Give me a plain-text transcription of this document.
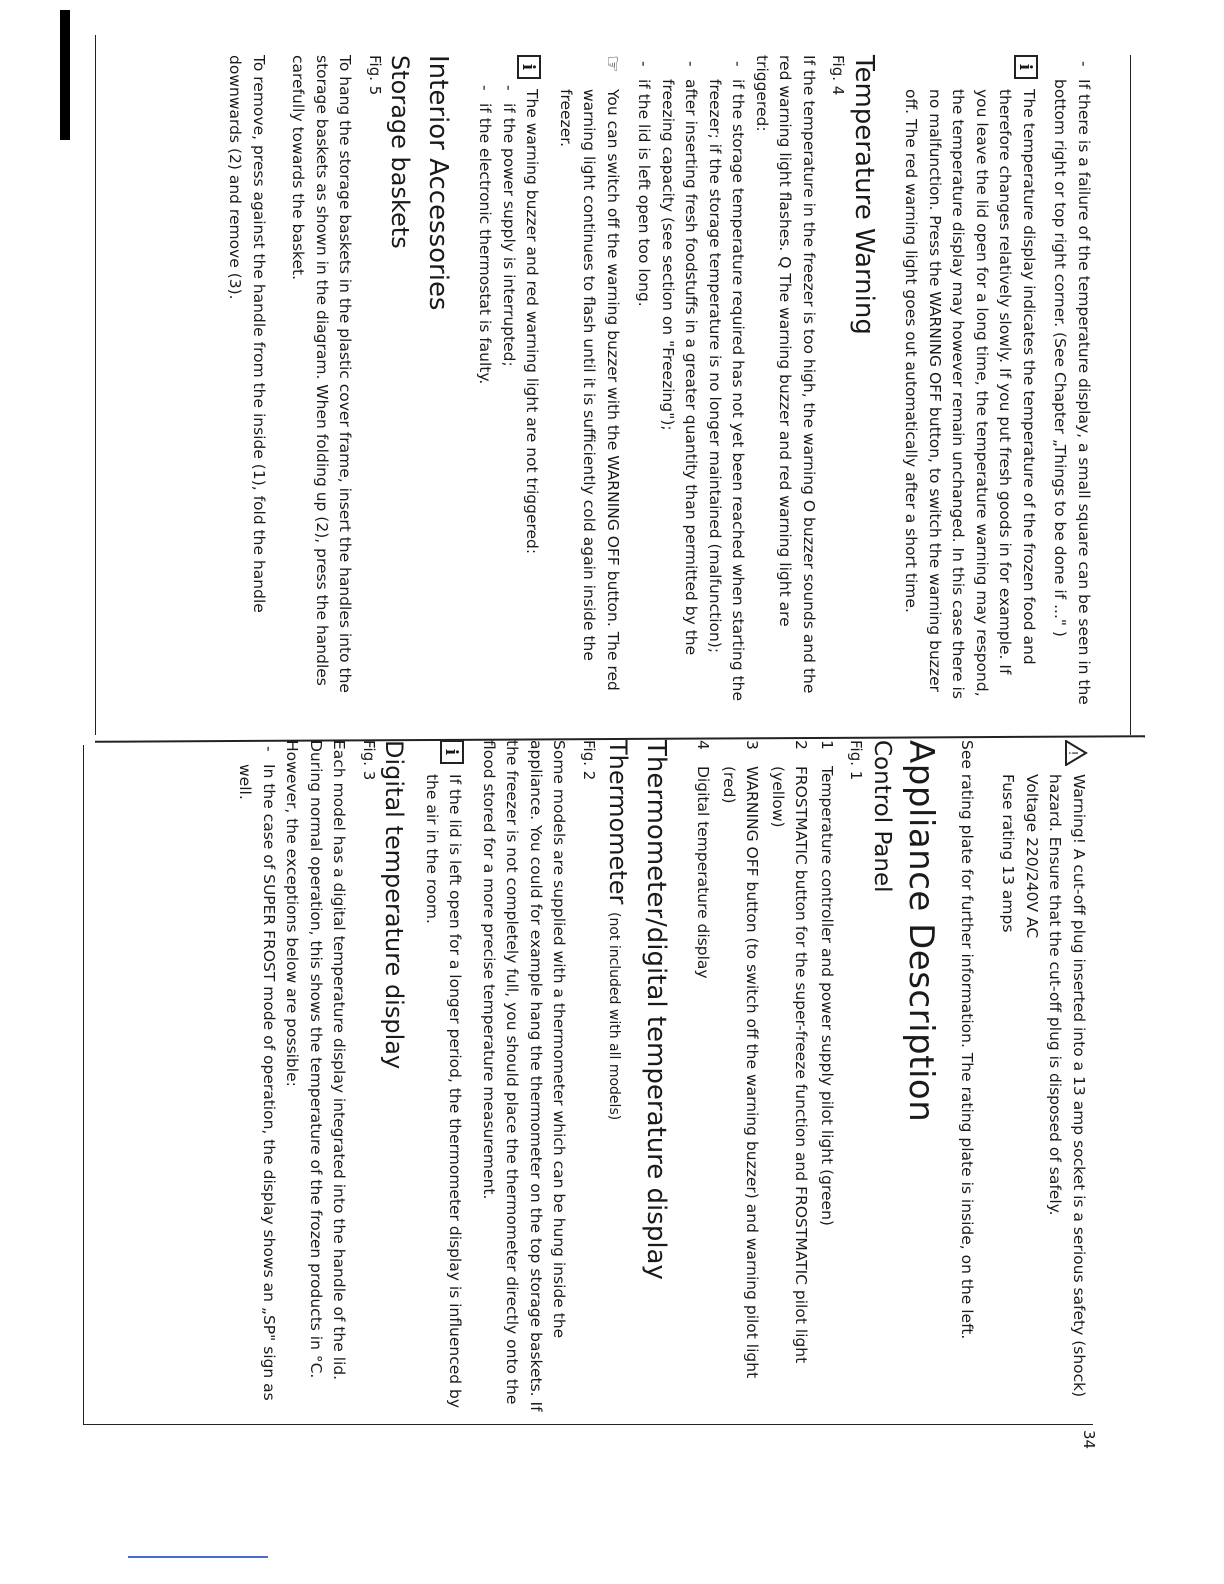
34
!

Warning! A cut-off plug inserted into a 13 amp socket is a serious safety (shock) hazard. Ensure that the cut-off plug is disposed of safely.

Voltage 220/240V AC
Fuse rating 13 amps

See rating plate for further information. The rating plate is inside, on the left.

Appliance Description
Control Panel
Fig. 1
1
Temperature controller and power supply pilot light (green)
2
FROSTMATIC button for the super-freeze function and FROSTMATIC pilot light (yellow)
3
WARNING OFF button (to switch off the warning buzzer) and warning pilot light (red)
4
Digital temperature display
Thermometer/digital temperature display
Thermometer (not included with all models)
Fig. 2

Some models are supplied with a thermometer which can be hung inside the appliance. You could for example hang the thermometer on the top storage baskets. If the freezer is not completely full, you should place the thermometer directly onto the flood stored for a more precise temperature measurement.

i

If the lid is left open for a longer period, the thermometer display is influenced by the air in the room.

Digital temperature display
Fig. 3

Each model has a digital temperature display integrated into the handle of the lid. During normal operation, this shows the temperature of the frozen products in °C. However, the exceptions below are possible:

- In the case of SUPER FROST mode of operation, the display shows an „SP" sign as well.
- If there is a failure of the temperature display, a small square can be seen in the bottom right or top right corner. (See Chapter „Things to be done if ..." )
i

The temperature display indicates the temperature of the frozen food and therefore changes relatively slowly. If you put fresh goods in for example. If you leave the lid open for a long time, the temperature warning may respond, the temperature display may however remain unchanged. In this case there is no malfunction. Press the WARNING OFF button, to switch the warning buzzer off. The red warning light goes out automatically after a short time.

Temperature Warning
Fig. 4

If the temperature in the freezer is too high, the warning O buzzer sounds and the red warning light flashes. Q The warning buzzer and red warning light are triggered:

- if the storage temperature required has not yet been reached when starting the freezer; if the storage temperature is no longer maintained (malfunction);
- after inserting fresh foodstuffs in a greater quantity than permitted by the freezing capacity (see section on "Freezing");
- if the lid is left open too long.
☞

You can switch off the warning buzzer with the WARNING OFF button. The red warning light continues to flash until it is sufficiently cold again inside the freezer.

i

The warning buzzer and red warning light are not triggered:

- if the power supply is interrupted;
- if the electronic thermostat is faulty.
Interior Accessories
Storage baskets
Fig. 5

To hang the storage baskets in the plastic cover frame, insert the handles into the storage baskets as shown in the diagram. When folding up (2), press the handles carefully towards the basket.

To remove, press against the handle from the inside (1), fold the handle downwards (2) and remove (3).
